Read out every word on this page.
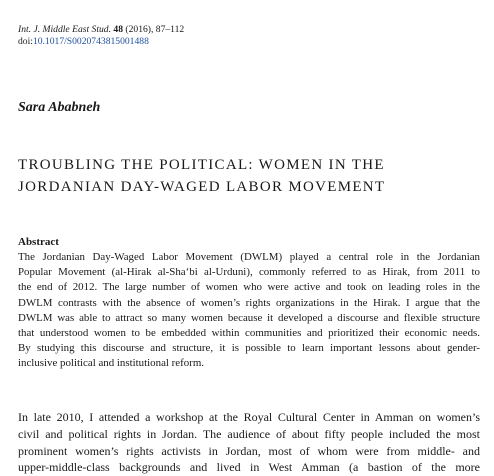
Int. J. Middle East Stud. 48 (2016), 87–112
doi:10.1017/S0020743815001488
Sara Ababneh
TROUBLING THE POLITICAL: WOMEN IN THE
JORDANIAN DAY-WAGED LABOR MOVEMENT
Abstract
The Jordanian Day-Waged Labor Movement (DWLM) played a central role in the Jordanian
Popular Movement (al-Hirak al-Sha‘bi al-Urduni), commonly referred to as Hirak, from 2011 to
the end of 2012. The large number of women who were active and took on leading roles in the
DWLM contrasts with the absence of women’s rights organizations in the Hirak. I argue that the
DWLM was able to attract so many women because it developed a discourse and flexible structure
that understood women to be embedded within communities and prioritized their economic needs.
By studying this discourse and structure, it is possible to learn important lessons about gender-
inclusive political and institutional reform.
In late 2010, I attended a workshop at the Royal Cultural Center in Amman on women’s
civil and political rights in Jordan. The audience of about fifty people included the most
prominent women’s rights activists in Jordan, most of whom were from middle- and
upper-middle-class backgrounds and lived in West Amman (a bastion of the more
